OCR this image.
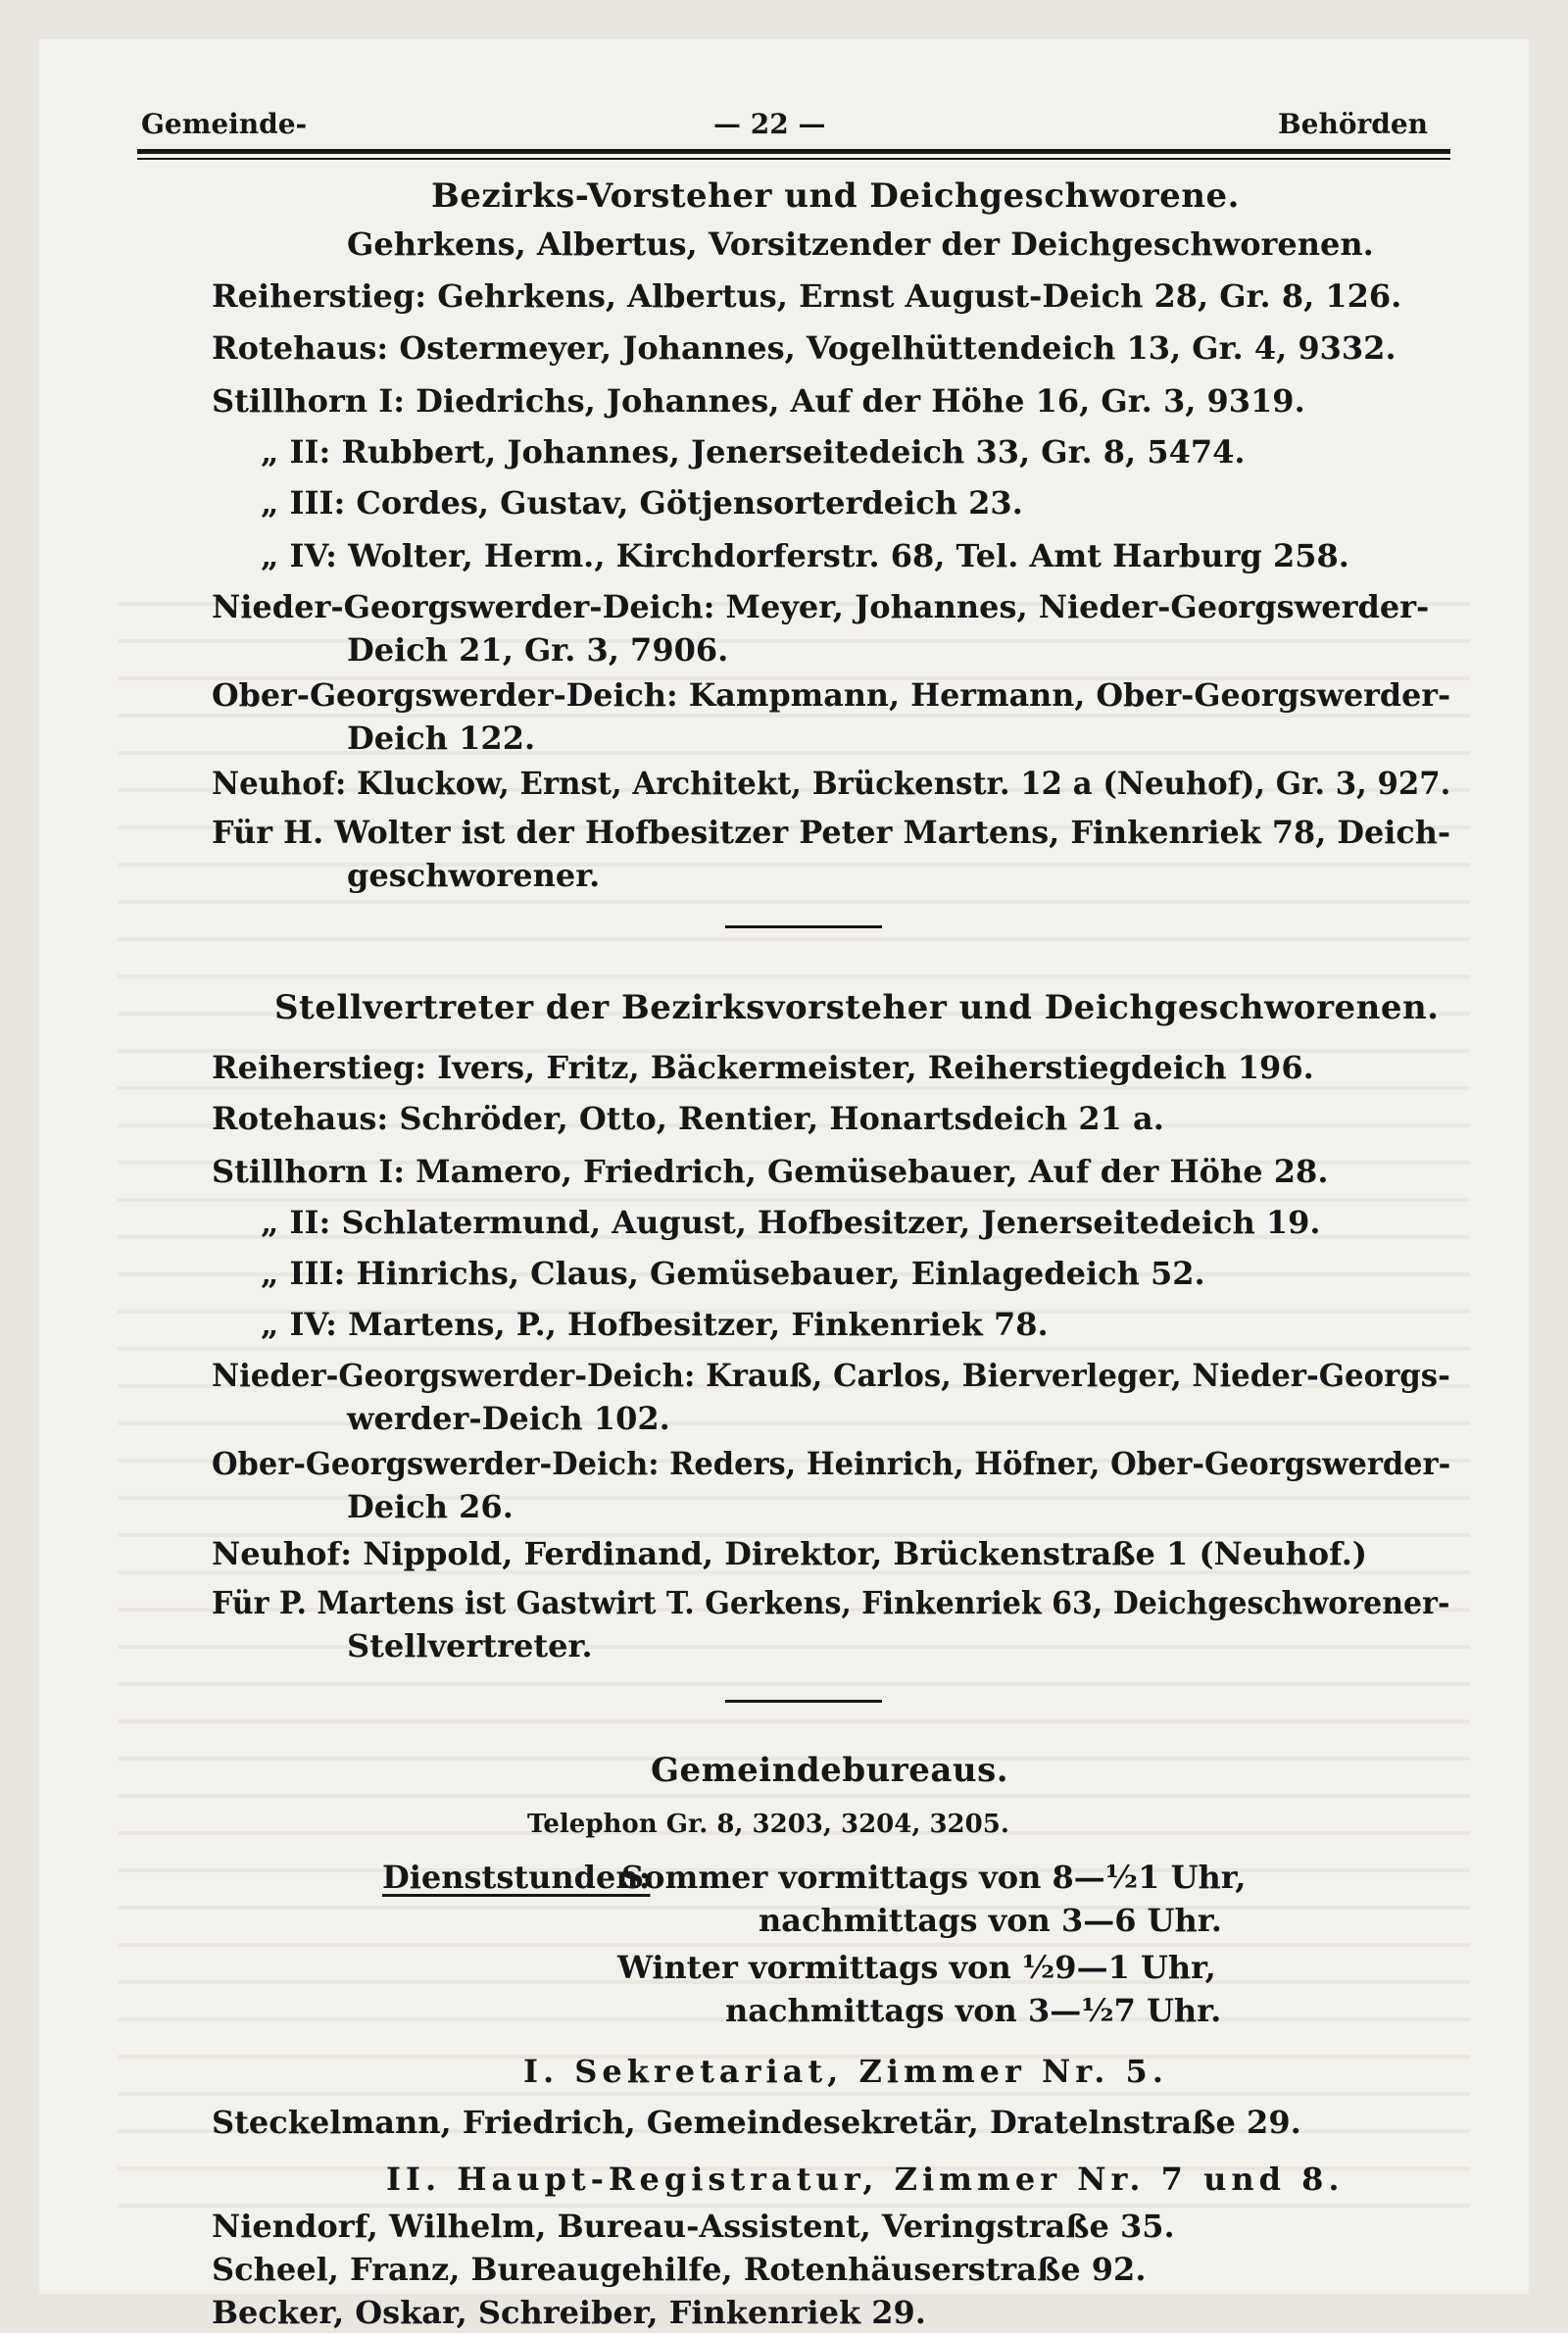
Gemeinde-	— 22 —	Behörden
Bezirks-Vorsteher und Deichgeschworene.
Gehrkens, Albertus, Vorsitzender der Deichgeschworenen.
Reiherstieg: Gehrkens, Albertus, Ernst August-Deich 28, Gr. 8, 126.
Rotehaus: Ostermeyer, Johannes, Vogelhüttendeich 13, Gr. 4, 9332.
Stillhorn I: Diedrichs, Johannes, Auf der Höhe 16, Gr. 3, 9319.
„ II: Rubbert, Johannes, Jenerseitedeich 33, Gr. 8, 5474.
„ III: Cordes, Gustav, Götjensorterdeich 23.
„ IV: Wolter, Herm., Kirchdorferstr. 68, Tel. Amt Harburg 258.
Nieder-Georgswerder-Deich: Meyer, Johannes, Nieder-Georgswerder-
Deich 21, Gr. 3, 7906.
Ober-Georgswerder-Deich: Kampmann, Hermann, Ober-Georgswerder-
Deich 122.
Neuhof: Kluckow, Ernst, Architekt, Brückenstr. 12 a (Neuhof), Gr. 3, 927.
Für H. Wolter ist der Hofbesitzer Peter Martens, Finkenriek 78, Deich-
geschworener.
Stellvertreter der Bezirksvorsteher und Deichgeschworenen.
Reiherstieg: Ivers, Fritz, Bäckermeister, Reiherstiegdeich 196.
Rotehaus: Schröder, Otto, Rentier, Honartsdeich 21 a.
Stillhorn I: Mamero, Friedrich, Gemüsebauer, Auf der Höhe 28.
„ II: Schlatermund, August, Hofbesitzer, Jenerseitedeich 19.
„ III: Hinrichs, Claus, Gemüsebauer, Einlagedeich 52.
„ IV: Martens, P., Hofbesitzer, Finkenriek 78.
Nieder-Georgswerder-Deich: Krauß, Carlos, Bierverleger, Nieder-Georgs-
werder-Deich 102.
Ober-Georgswerder-Deich: Reders, Heinrich, Höfner, Ober-Georgswerder-
Deich 26.
Neuhof: Nippold, Ferdinand, Direktor, Brückenstraße 1 (Neuhof.)
Für P. Martens ist Gastwirt T. Gerkens, Finkenriek 63, Deichgeschworener-
Stellvertreter.
Gemeindebureaus.
Telephon Gr. 8, 3203, 3204, 3205.
Dienststunden:
Sommer vormittags von 8—½1 Uhr,
nachmittags von 3—6 Uhr.
Winter vormittags von ½9—1 Uhr,
nachmittags von 3—½7 Uhr.
I. Sekretariat, Zimmer Nr. 5.
Steckelmann, Friedrich, Gemeindesekretär, Dratelnstraße 29.
II. Haupt-Registratur, Zimmer Nr. 7 und 8.
Niendorf, Wilhelm, Bureau-Assistent, Veringstraße 35.
Scheel, Franz, Bureaugehilfe, Rotenhäuserstraße 92.
Becker, Oskar, Schreiber, Finkenriek 29.
